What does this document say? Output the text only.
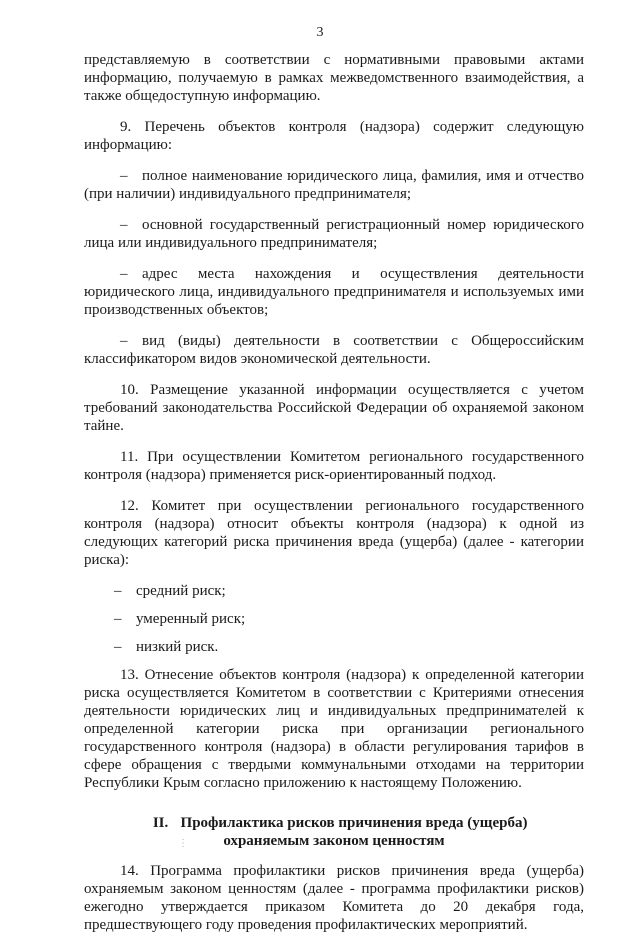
3

представляемую в соответствии с нормативными правовыми актами информацию, получаемую в рамках межведомственного взаимодействия, а также общедоступную информацию.

9. Перечень объектов контроля (надзора) содержит следующую информацию:

– полное наименование юридического лица, фамилия, имя и отчество (при наличии) индивидуального предпринимателя;

– основной государственный регистрационный номер юридического лица или индивидуального предпринимателя;

– адрес места нахождения и осуществления деятельности юридического лица, индивидуального предпринимателя и используемых ими производственных объектов;

– вид (виды) деятельности в соответствии с Общероссийским классификатором видов экономической деятельности.

10. Размещение указанной информации осуществляется с учетом требований законодательства Российской Федерации об охраняемой законом тайне.

11. При осуществлении Комитетом регионального государственного контроля (надзора) применяется риск-ориентированный подход.

12. Комитет при осуществлении регионального государственного контроля (надзора) относит объекты контроля (надзора) к одной из следующих категорий риска причинения вреда (ущерба) (далее - категории риска):

– средний риск;

– умеренный риск;

– низкий риск.

13. Отнесение объектов контроля (надзора) к определенной категории риска осуществляется Комитетом в соответствии с Критериями отнесения деятельности юридических лиц и индивидуальных предпринимателей к определенной категории риска при организации регионального государственного контроля (надзора) в области регулирования тарифов в сфере обращения с твердыми коммунальными отходами на территории Республики Крым согласно приложению к настоящему Положению.

II. Профилактика рисков причинения вреда (ущерба)
охраняемым законом ценностям

14. Программа профилактики рисков причинения вреда (ущерба) охраняемым законом ценностям (далее - программа профилактики рисков) ежегодно утверждается приказом Комитета до 20 декабря года, предшествующего году проведения профилактических мероприятий.

⋮
